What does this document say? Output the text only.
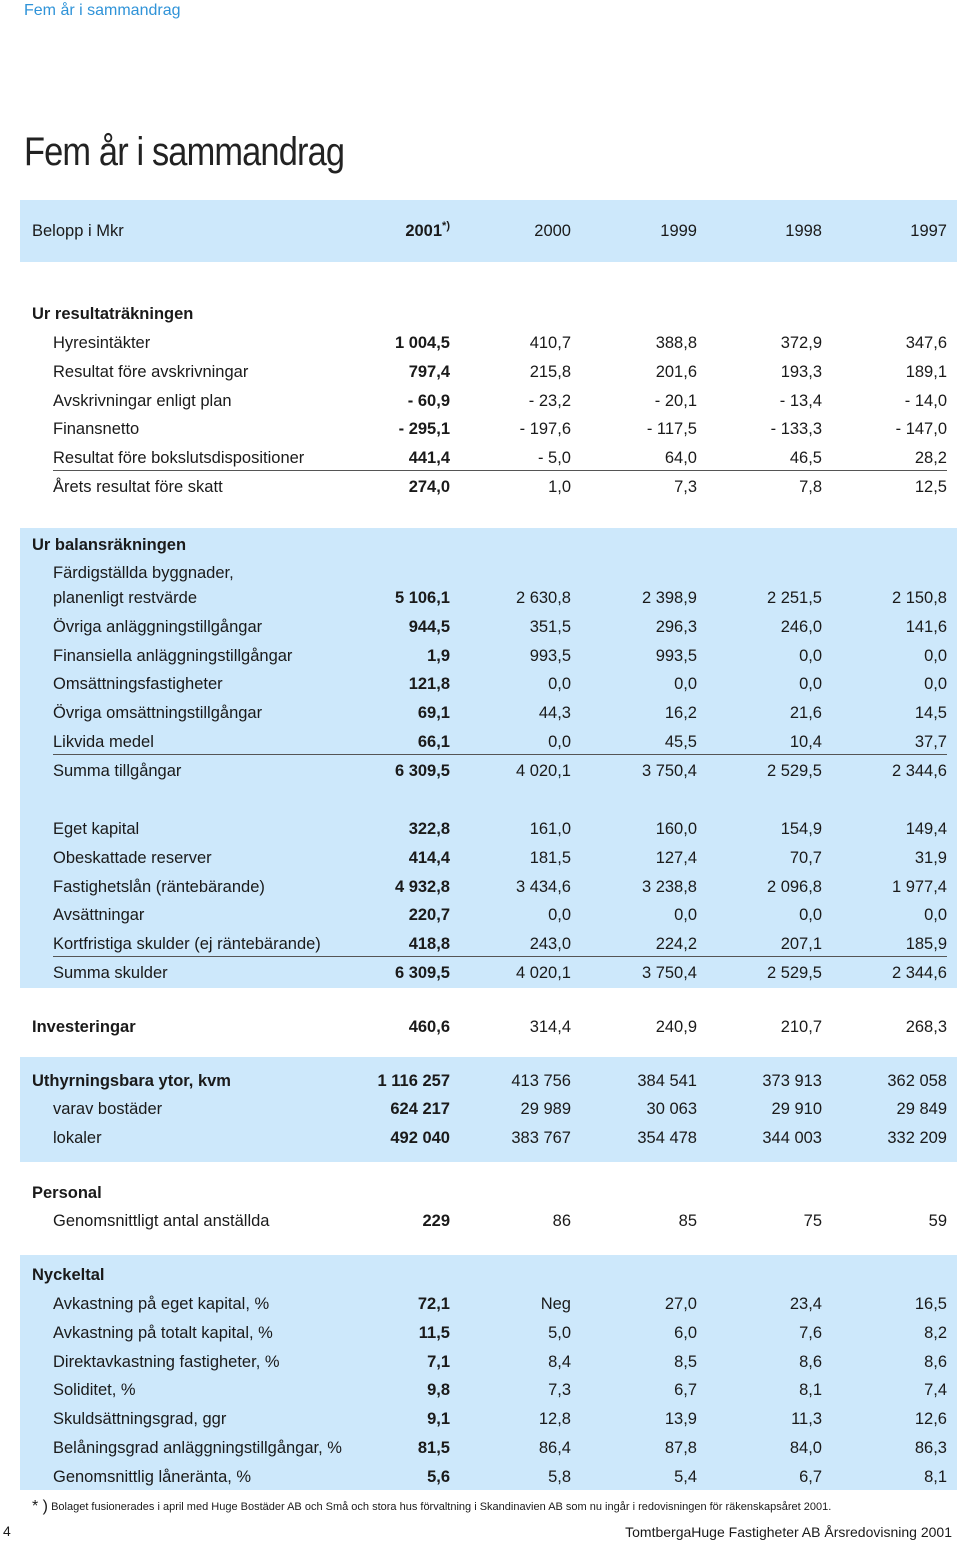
Fem år i sammandrag
Fem år i sammandrag
Belopp i Mkr	2001*)	2000	1999	1998	1997
Ur resultaträkningen
Hyresintäkter	1 004,5	410,7	388,8	372,9	347,6
Resultat före avskrivningar	797,4	215,8	201,6	193,3	189,1
Avskrivningar enligt plan	- 60,9	- 23,2	- 20,1	- 13,4	- 14,0
Finansnetto	- 295,1	- 197,6	- 117,5	- 133,3	- 147,0
Resultat före bokslutsdispositioner	441,4	- 5,0	64,0	46,5	28,2
Årets resultat före skatt	274,0	1,0	7,3	7,8	12,5
Ur balansräkningen
Färdigställda byggnader,
planenligt restvärde	5 106,1	2 630,8	2 398,9	2 251,5	2 150,8
Övriga anläggningstillgångar	944,5	351,5	296,3	246,0	141,6
Finansiella anläggningstillgångar	1,9	993,5	993,5	0,0	0,0
Omsättningsfastigheter	121,8	0,0	0,0	0,0	0,0
Övriga omsättningstillgångar	69,1	44,3	16,2	21,6	14,5
Likvida medel	66,1	0,0	45,5	10,4	37,7
Summa tillgångar	6 309,5	4 020,1	3 750,4	2 529,5	2 344,6
Eget kapital	322,8	161,0	160,0	154,9	149,4
Obeskattade reserver	414,4	181,5	127,4	70,7	31,9
Fastighetslån (räntebärande)	4 932,8	3 434,6	3 238,8	2 096,8	1 977,4
Avsättningar	220,7	0,0	0,0	0,0	0,0
Kortfristiga skulder (ej räntebärande)	418,8	243,0	224,2	207,1	185,9
Summa skulder	6 309,5	4 020,1	3 750,4	2 529,5	2 344,6
Investeringar	460,6	314,4	240,9	210,7	268,3
Uthyrningsbara ytor, kvm	1 116 257	413 756	384 541	373 913	362 058
varav bostäder	624 217	29 989	30 063	29 910	29 849
lokaler	492 040	383 767	354 478	344 003	332 209
Personal
Genomsnittligt antal anställda	229	86	85	75	59
Nyckeltal
Avkastning på eget kapital, %	72,1	Neg	27,0	23,4	16,5
Avkastning på totalt kapital, %	11,5	5,0	6,0	7,6	8,2
Direktavkastning fastigheter, %	7,1	8,4	8,5	8,6	8,6
Soliditet, %	9,8	7,3	6,7	8,1	7,4
Skuldsättningsgrad, ggr	9,1	12,8	13,9	11,3	12,6
Belåningsgrad anläggningstillgångar, %	81,5	86,4	87,8	84,0	86,3
Genomsnittlig låneränta, %	5,6	5,8	5,4	6,7	8,1
* ) Bolaget fusionerades i april med Huge Bostäder AB och Små och stora hus förvaltning i Skandinavien AB som nu ingår i redovisningen för räkenskapsåret 2001.
4	TomtbergaHuge Fastigheter AB Årsredovisning 2001
